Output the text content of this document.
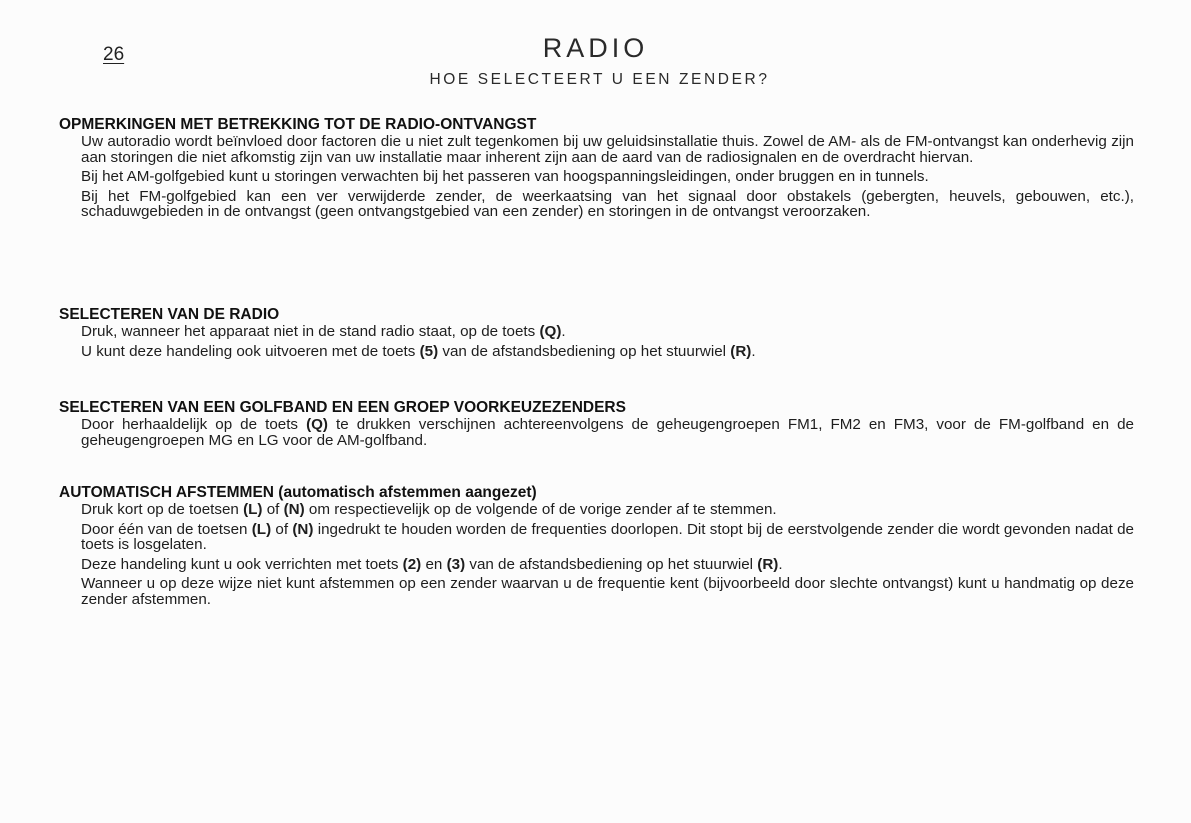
26	RADIO
HOE SELECTEERT U EEN ZENDER?

OPMERKINGEN MET BETREKKING TOT DE RADIO-ONTVANGST

Uw autoradio wordt beïnvloed door factoren die u niet zult tegenkomen bij uw geluidsinstallatie thuis. Zowel de AM- als de FM-ontvangst kan onderhevig zijn aan storingen die niet afkomstig zijn van uw installatie maar inherent zijn aan de aard van de radiosignalen en de overdracht hiervan.

Bij het AM-golfgebied kunt u storingen verwachten bij het passeren van hoogspanningsleidingen, onder bruggen en in tunnels.

Bij het FM-golfgebied kan een ver verwijderde zender, de weerkaatsing van het signaal door obstakels (gebergten, heuvels, gebouwen, etc.), schaduwgebieden in de ontvangst (geen ontvangstgebied van een zender) en storingen in de ontvangst veroorzaken.

SELECTEREN VAN DE RADIO

Druk, wanneer het apparaat niet in de stand radio staat, op de toets (Q).

U kunt deze handeling ook uitvoeren met de toets (5) van de afstandsbediening op het stuurwiel (R).

SELECTEREN VAN EEN GOLFBAND EN EEN GROEP VOORKEUZEZENDERS

Door herhaaldelijk op de toets (Q) te drukken verschijnen achtereenvolgens de geheugengroepen FM1, FM2 en FM3, voor de FM-golfband en de geheugengroepen MG en LG voor de AM-golfband.

AUTOMATISCH AFSTEMMEN (automatisch afstemmen aangezet)

Druk kort op de toetsen (L) of (N) om respectievelijk op de volgende of de vorige zender af te stemmen.

Door één van de toetsen (L) of (N) ingedrukt te houden worden de frequenties doorlopen. Dit stopt bij de eerstvolgende zender die wordt gevonden nadat de toets is losgelaten.

Deze handeling kunt u ook verrichten met toets (2) en (3) van de afstandsbediening op het stuurwiel (R).

Wanneer u op deze wijze niet kunt afstemmen op een zender waarvan u de frequentie kent (bijvoorbeeld door slechte ontvangst) kunt u handmatig op deze zender afstemmen.
